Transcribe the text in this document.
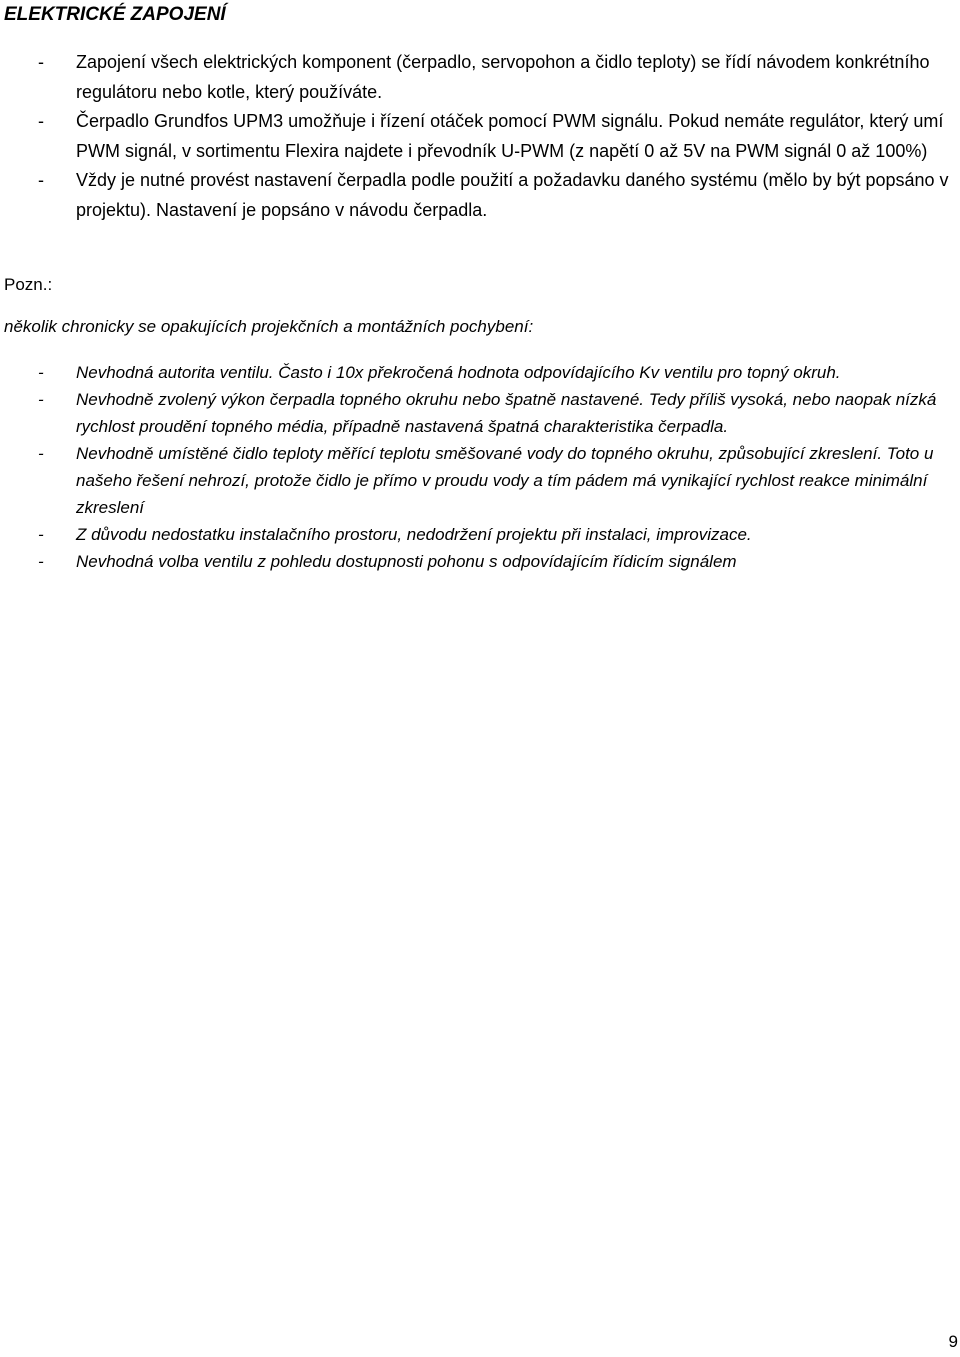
ELEKTRICKÉ ZAPOJENÍ
- Zapojení všech elektrických komponent (čerpadlo, servopohon a čidlo teploty) se řídí návodem konkrétního regulátoru nebo kotle, který používáte.
- Čerpadlo Grundfos UPM3 umožňuje i řízení otáček pomocí PWM signálu. Pokud nemáte regulátor, který umí PWM signál, v sortimentu Flexira najdete i převodník U-PWM (z napětí 0 až 5V na PWM signál 0 až 100%)
- Vždy je nutné provést nastavení čerpadla podle použití a požadavku daného systému (mělo by být popsáno v projektu). Nastavení je popsáno v návodu čerpadla.
Pozn.:
několik chronicky se opakujících projekčních a montážních pochybení:
- Nevhodná autorita ventilu. Často i 10x překročená hodnota odpovídajícího Kv ventilu pro topný okruh.
- Nevhodně zvolený výkon čerpadla topného okruhu nebo špatně nastavené. Tedy příliš vysoká, nebo naopak nízká rychlost proudění topného média, případně nastavená špatná charakteristika čerpadla.
- Nevhodně umístěné čidlo teploty měřící teplotu směšované vody do topného okruhu, způsobující zkreslení. Toto u našeho řešení nehrozí, protože čidlo je přímo v proudu vody a tím pádem má vynikající rychlost reakce minimální zkreslení
- Z důvodu nedostatku instalačního prostoru, nedodržení projektu při instalaci, improvizace.
- Nevhodná volba ventilu z pohledu dostupnosti pohonu s odpovídajícím řídicím signálem
9
